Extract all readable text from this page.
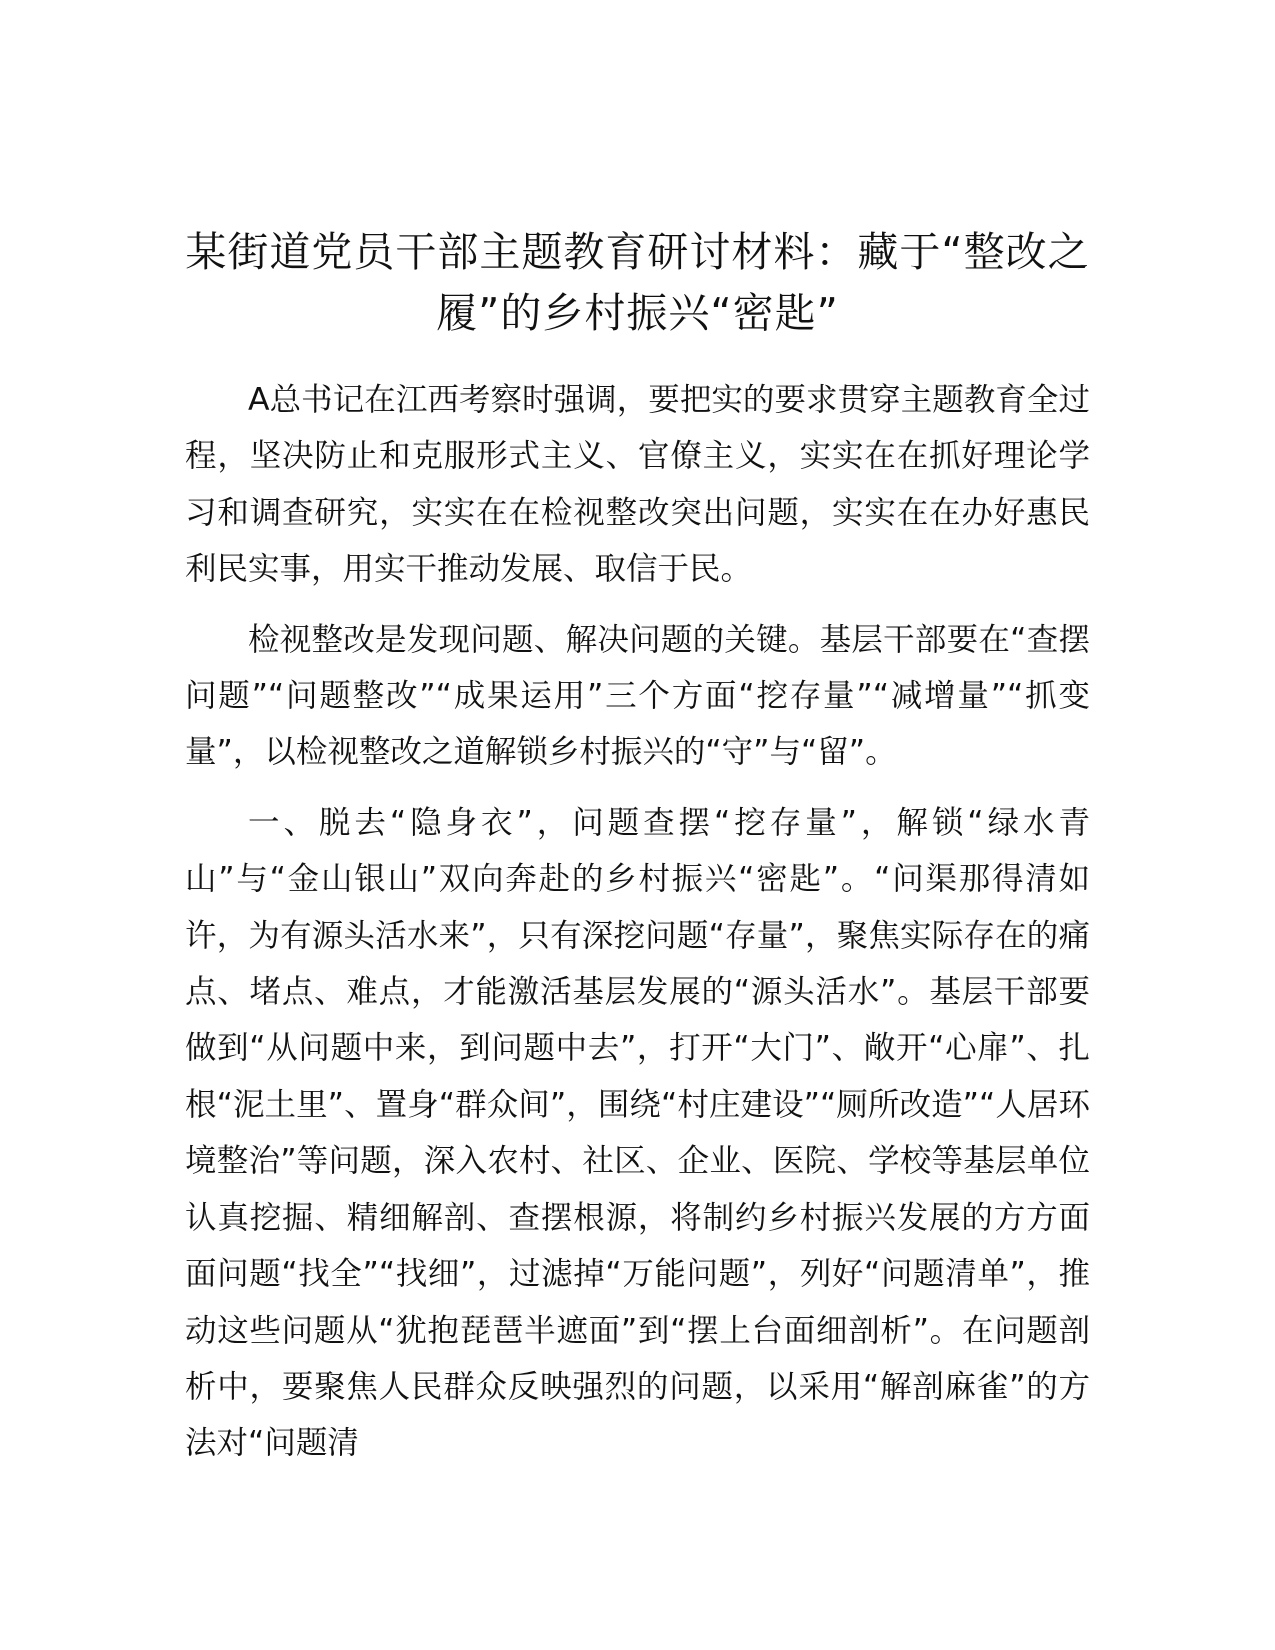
某街道党员干部主题教育研讨材料：藏于“整改之履”的乡村振兴“密匙”

A总书记在江西考察时强调，要把实的要求贯穿主题教育全过程，坚决防止和克服形式主义、官僚主义，实实在在抓好理论学习和调查研究，实实在在检视整改突出问题，实实在在办好惠民利民实事，用实干推动发展、取信于民。

检视整改是发现问题、解决问题的关键。基层干部要在“查摆问题”“问题整改”“成果运用”三个方面“挖存量”“减增量”“抓变量”，以检视整改之道解锁乡村振兴的“守”与“留”。

一、脱去“隐身衣”，问题查摆“挖存量”，解锁“绿水青山”与“金山银山”双向奔赴的乡村振兴“密匙”。“问渠那得清如许，为有源头活水来”，只有深挖问题“存量”，聚焦实际存在的痛点、堵点、难点，才能激活基层发展的“源头活水”。基层干部要做到“从问题中来，到问题中去”，打开“大门”、敞开“心扉”、扎根“泥土里”、置身“群众间”，围绕“村庄建设”“厕所改造”“人居环境整治”等问题，深入农村、社区、企业、医院、学校等基层单位认真挖掘、精细解剖、查摆根源，将制约乡村振兴发展的方方面面问题“找全”“找细”，过滤掉“万能问题”，列好“问题清单”，推动这些问题从“犹抱琵琶半遮面”到“摆上台面细剖析”。在问题剖析中，要聚焦人民群众反映强烈的问题，以采用“解剖麻雀”的方法对“问题清
